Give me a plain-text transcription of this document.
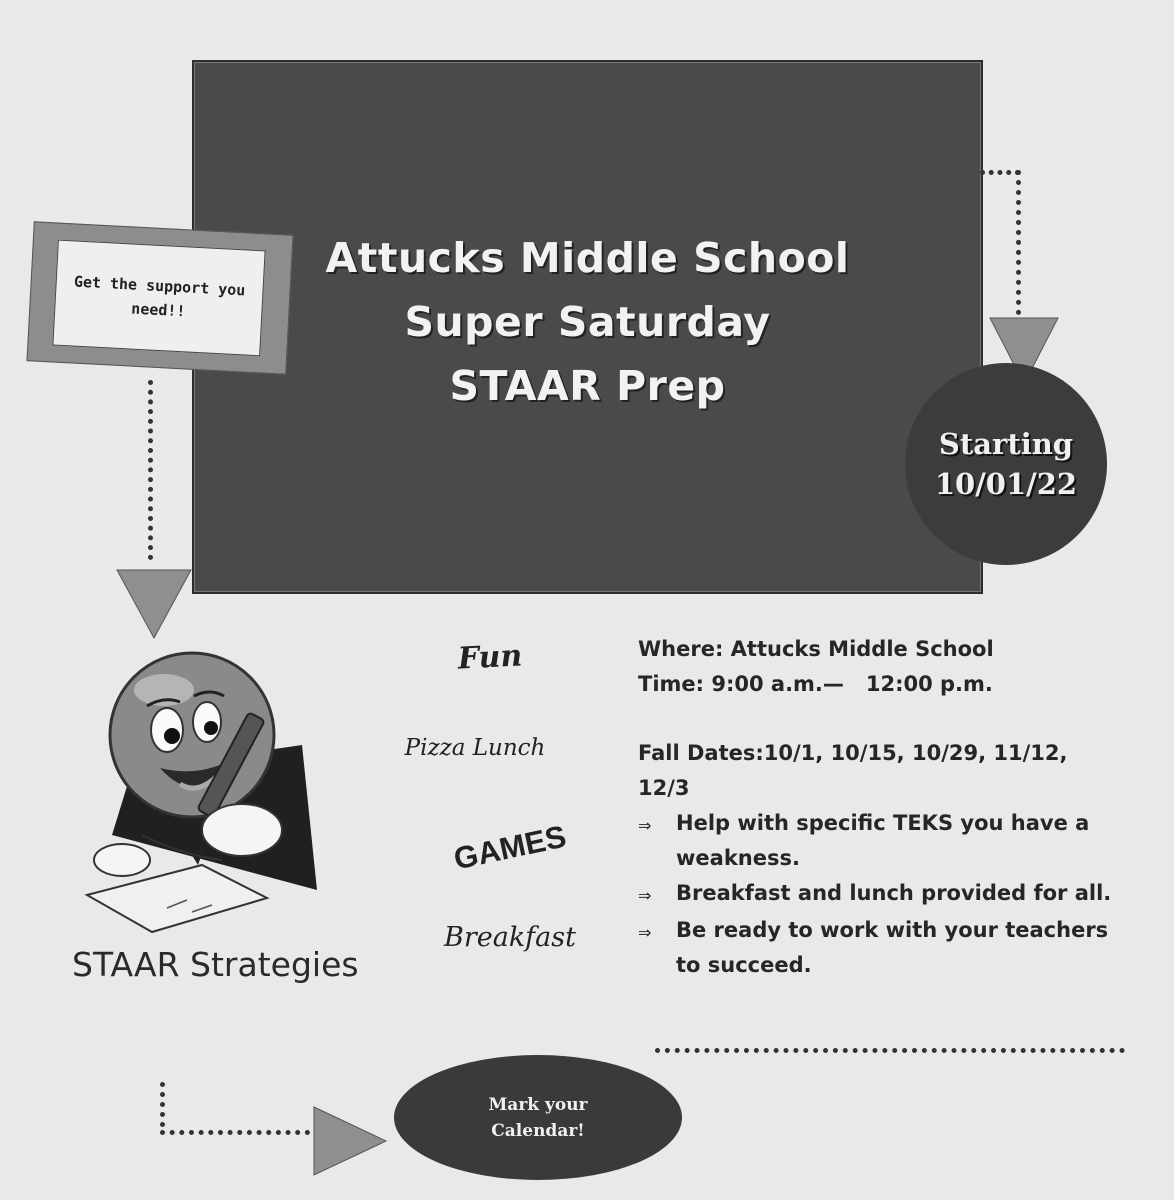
Attucks Middle School
Super Saturday
STAAR Prep
Get the support you need!!
Starting
10/01/22
STAAR Strategies
Fun
Pizza Lunch
GAMES
Breakfast
Where: Attucks Middle School
Time: 9:00 a.m.—   12:00 p.m.
Fall Dates:10/1, 10/15, 10/29, 11/12,
12/3
⇒	Help with specific TEKS you have a weakness.
⇒	Breakfast and lunch provided for all.
⇒	Be ready to work with your teachers to succeed.
Mark your Calendar!
